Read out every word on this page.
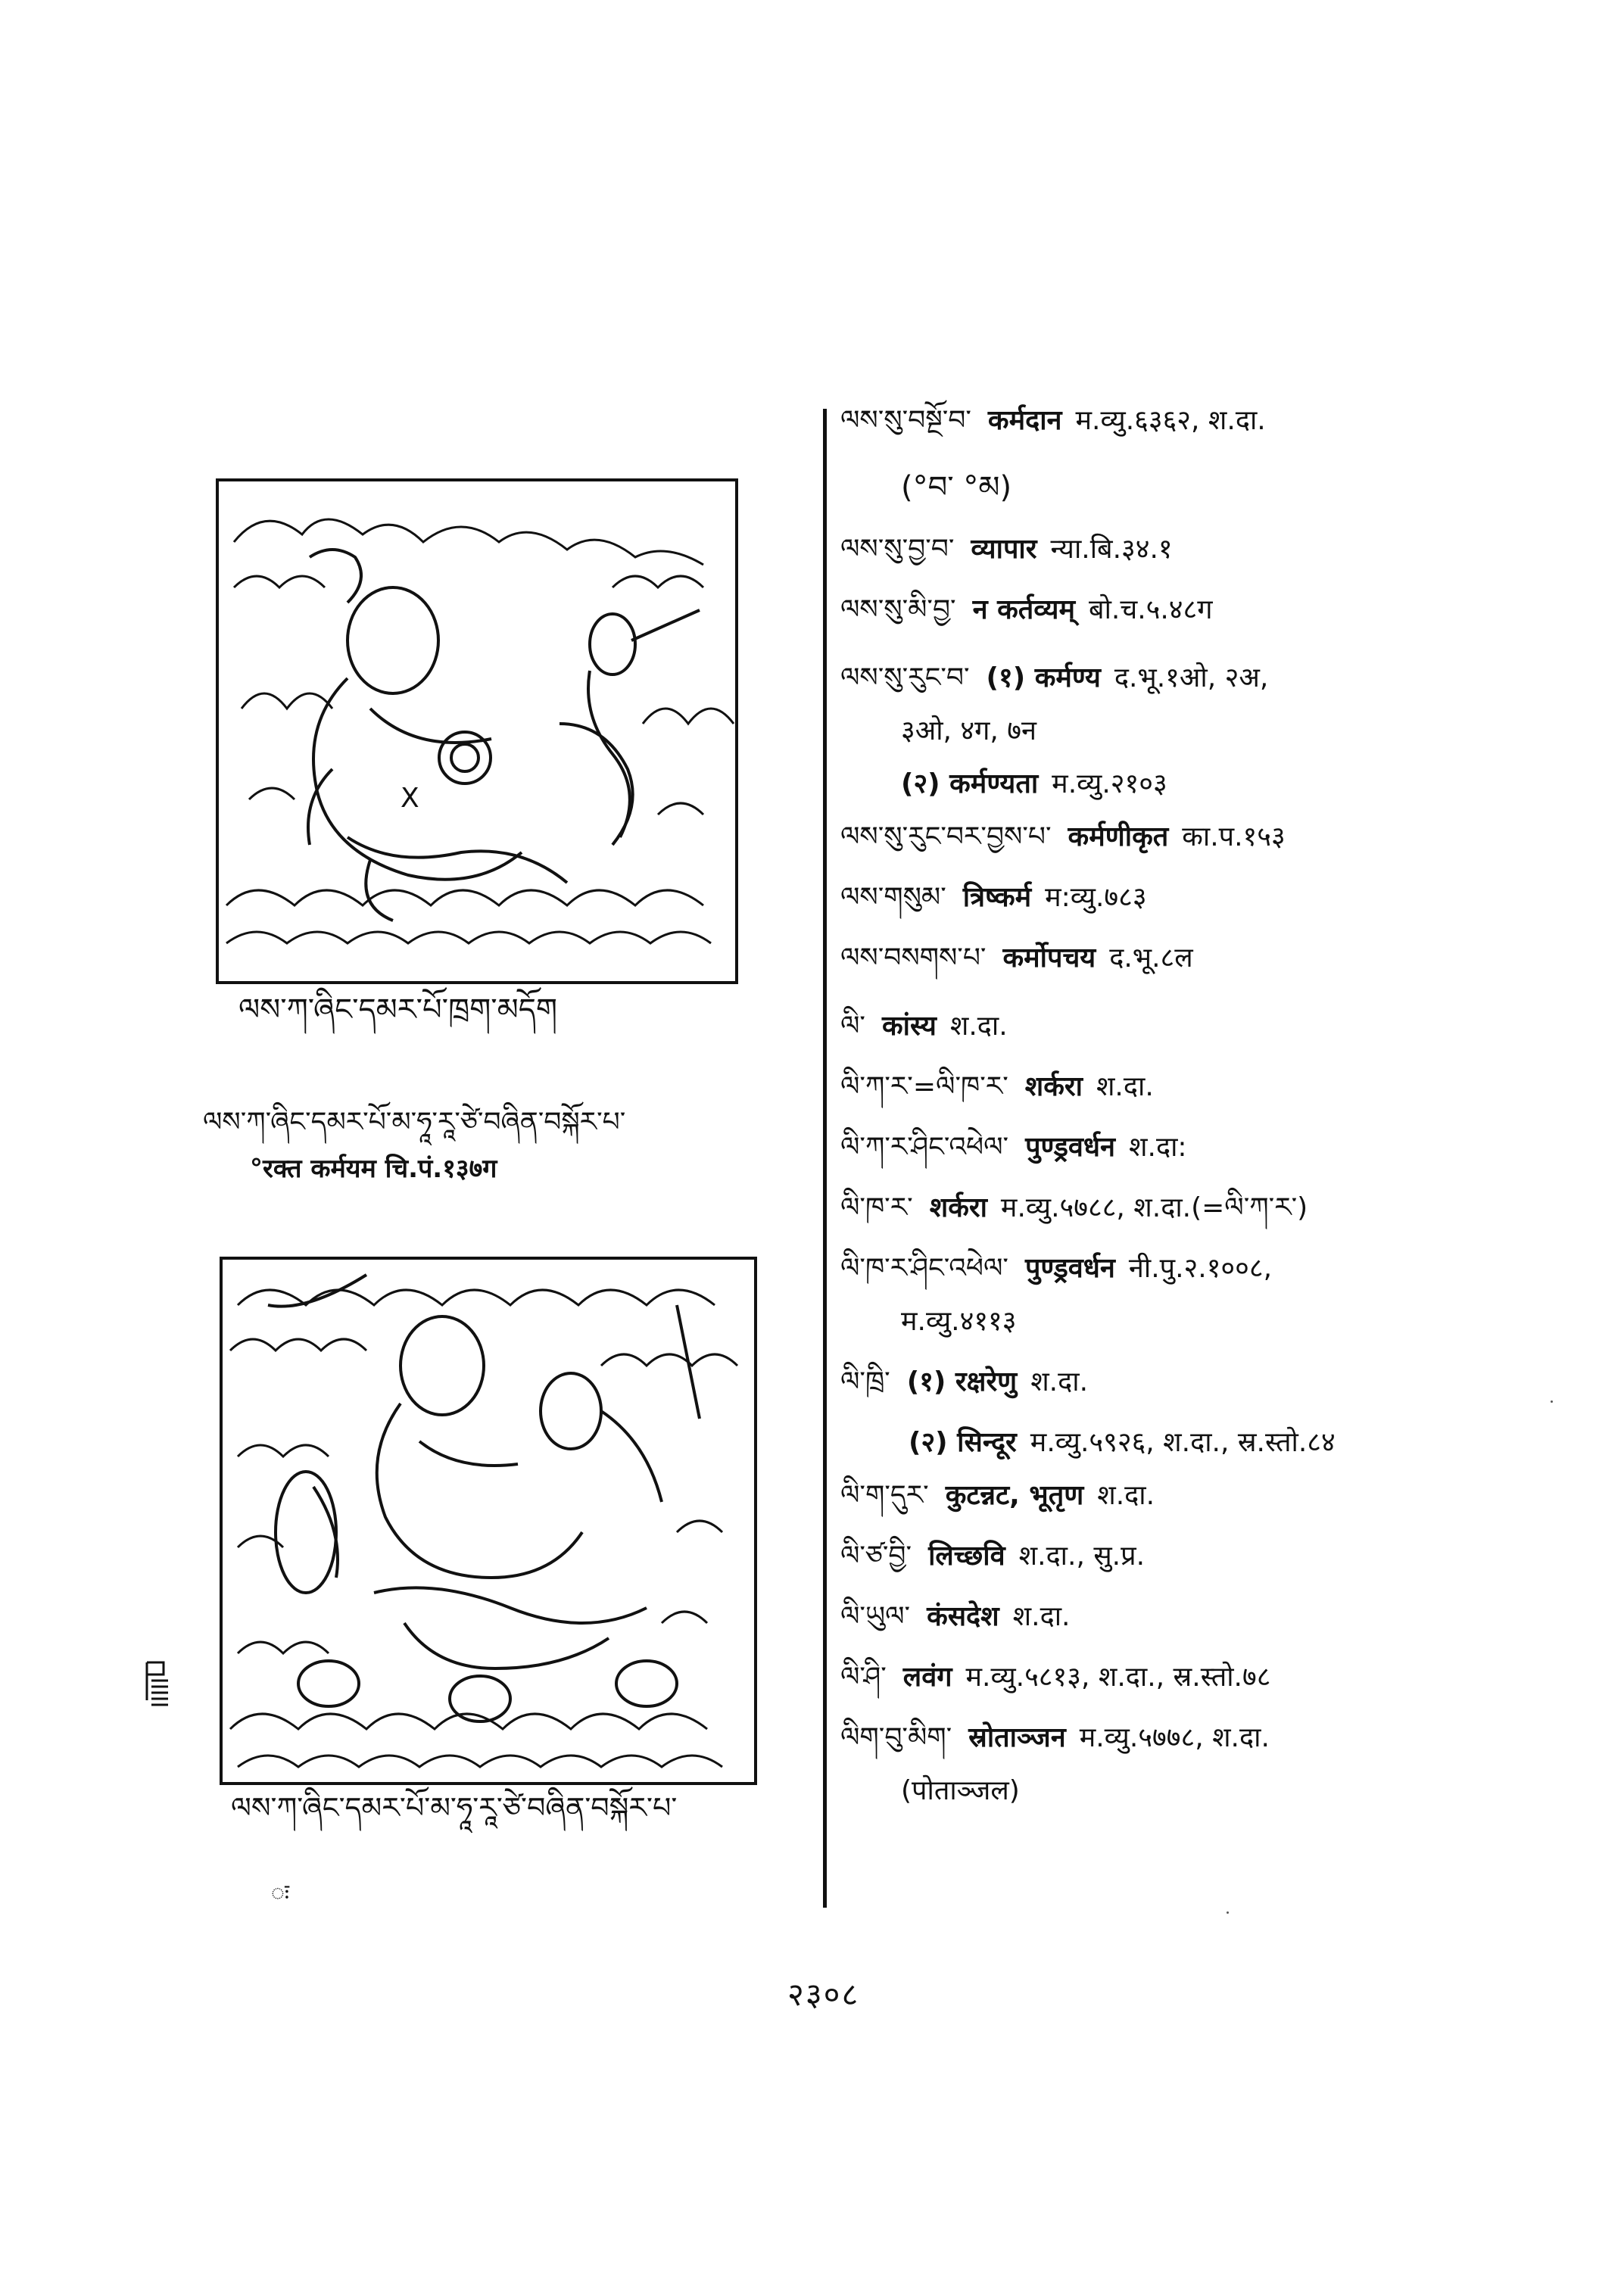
X
ལས་ཀ་ཞིང་དམར་པོ་ཁྲག་མདོག
ལས་ཀ་ཞིང་དམར་པོ་མ་ཧཱ་རཱ་ཙེ་བཞིན་བསྐོར་པ་
°रक्त कर्मयम चि.पं.१३७ग
ལས་ཀ་ཞིང་དམར་པོ་མ་ཧཱ་རཱ་ཙེ་བཞིན་བསྐོར་པ་
ः
ལས་སུ་བསྔོ་བ་ कर्मदान म.व्यु.६३६२, श.दा.
(°བ་ °མ)
ལས་སུ་བྱ་བ་ व्यापार न्या.बि.३४.१
ལས་སུ་མི་བྱ་ न कर्तव्यम् बो.च.५.४८ग
ལས་སུ་རུང་བ་ (१) कर्मण्य द.भू.१ओ, २अ,
३ओ, ४ग, ७न
(२) कर्मण्यता म.व्यु.२१०३
ལས་སུ་རུང་བར་བྱས་པ་ कर्मणीकृत का.प.१५३
ལས་གསུམ་ त्रिष्कर्म म:व्यु.७८३
ལས་བསགས་པ་ कर्मोपचय द.भू.८ल
ལི་ कांस्य श.दा.
ལི་ཀ་ར་=ལི་ཁ་ར་ शर्करा श.दा.
ལི་ཀ་ར་ཤིང་འཕེལ་ पुण्ड्रवर्धन श.दा:
ལི་ཁ་ར་ शर्करा म.व्यु.५७८८, श.दा.(=ལི་ཀ་ར་)
ལི་ཁ་ར་ཤིང་འཕེལ་ पुण्ड्रवर्धन नी.पु.२.१००८,
म.व्यु.४११३
ལི་ཁྲི་ (१) रक्षरेणु श.दा.
(२) सिन्दूर म.व्यु.५९२६, श.दा., स्र.स्तो.८४
ལི་ག་དུར་ कुटन्नट, भूतृण श.दा.
ལི་ཙ་བྱི་ लिच्छवि श.दा., सु.प्र.
ལི་ཡུལ་ कंसदेश श.दा.
ལི་ཤི་ लवंग म.व्यु.५८१३, श.दा., स्र.स्तो.७८
ལིག་བུ་མིག་ स्रोताञ्जन म.व्यु.५७७८, श.दा.
(पोताञ्जल)
२३०८
